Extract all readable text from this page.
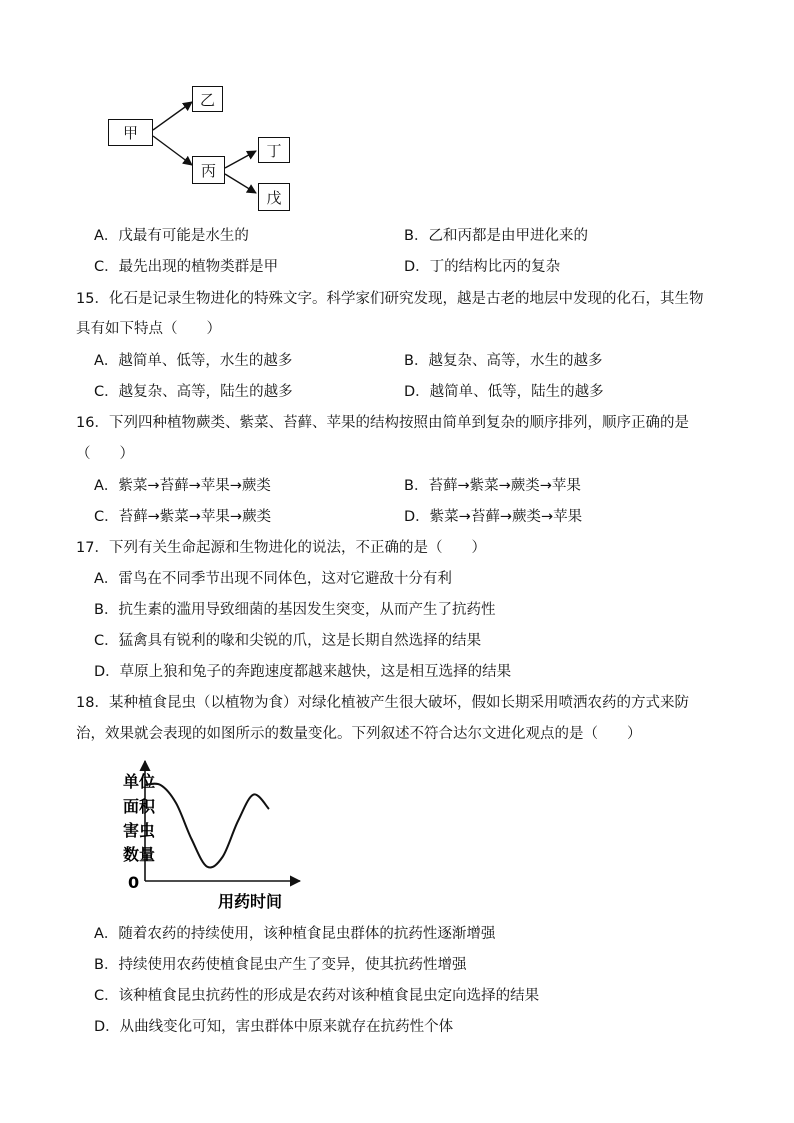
甲
乙
丙
丁
戊
A．戊最有可能是水生的	B．乙和丙都是由甲进化来的
C．最先出现的植物类群是甲	D．丁的结构比丙的复杂
15．化石是记录生物进化的特殊文字。科学家们研究发现，越是古老的地层中发现的化石，其生物
具有如下特点（　　）
A．越简单、低等，水生的越多	B．越复杂、高等，水生的越多
C．越复杂、高等，陆生的越多	D．越简单、低等，陆生的越多
16．下列四种植物蕨类、紫菜、苔藓、苹果的结构按照由简单到复杂的顺序排列，顺序正确的是
（　　）
A．紫菜→苔藓→苹果→蕨类	B．苔藓→紫菜→蕨类→苹果
C．苔藓→紫菜→苹果→蕨类	D．紫菜→苔藓→蕨类→苹果
17．下列有关生命起源和生物进化的说法，不正确的是（　　）
A．雷鸟在不同季节出现不同体色，这对它避敌十分有利
B．抗生素的滥用导致细菌的基因发生突变，从而产生了抗药性
C．猛禽具有锐利的喙和尖锐的爪，这是长期自然选择的结果
D．草原上狼和兔子的奔跑速度都越来越快，这是相互选择的结果
18．某种植食昆虫（以植物为食）对绿化植被产生很大破坏，假如长期采用喷洒农药的方式来防
治，效果就会表现的如图所示的数量变化。下列叙述不符合达尔文进化观点的是（　　）
单位
面积
害虫
数量
0
用药时间
A．随着农药的持续使用，该种植食昆虫群体的抗药性逐渐增强
B．持续使用农药使植食昆虫产生了变异，使其抗药性增强
C．该种植食昆虫抗药性的形成是农药对该种植食昆虫定向选择的结果
D．从曲线变化可知，害虫群体中原来就存在抗药性个体
